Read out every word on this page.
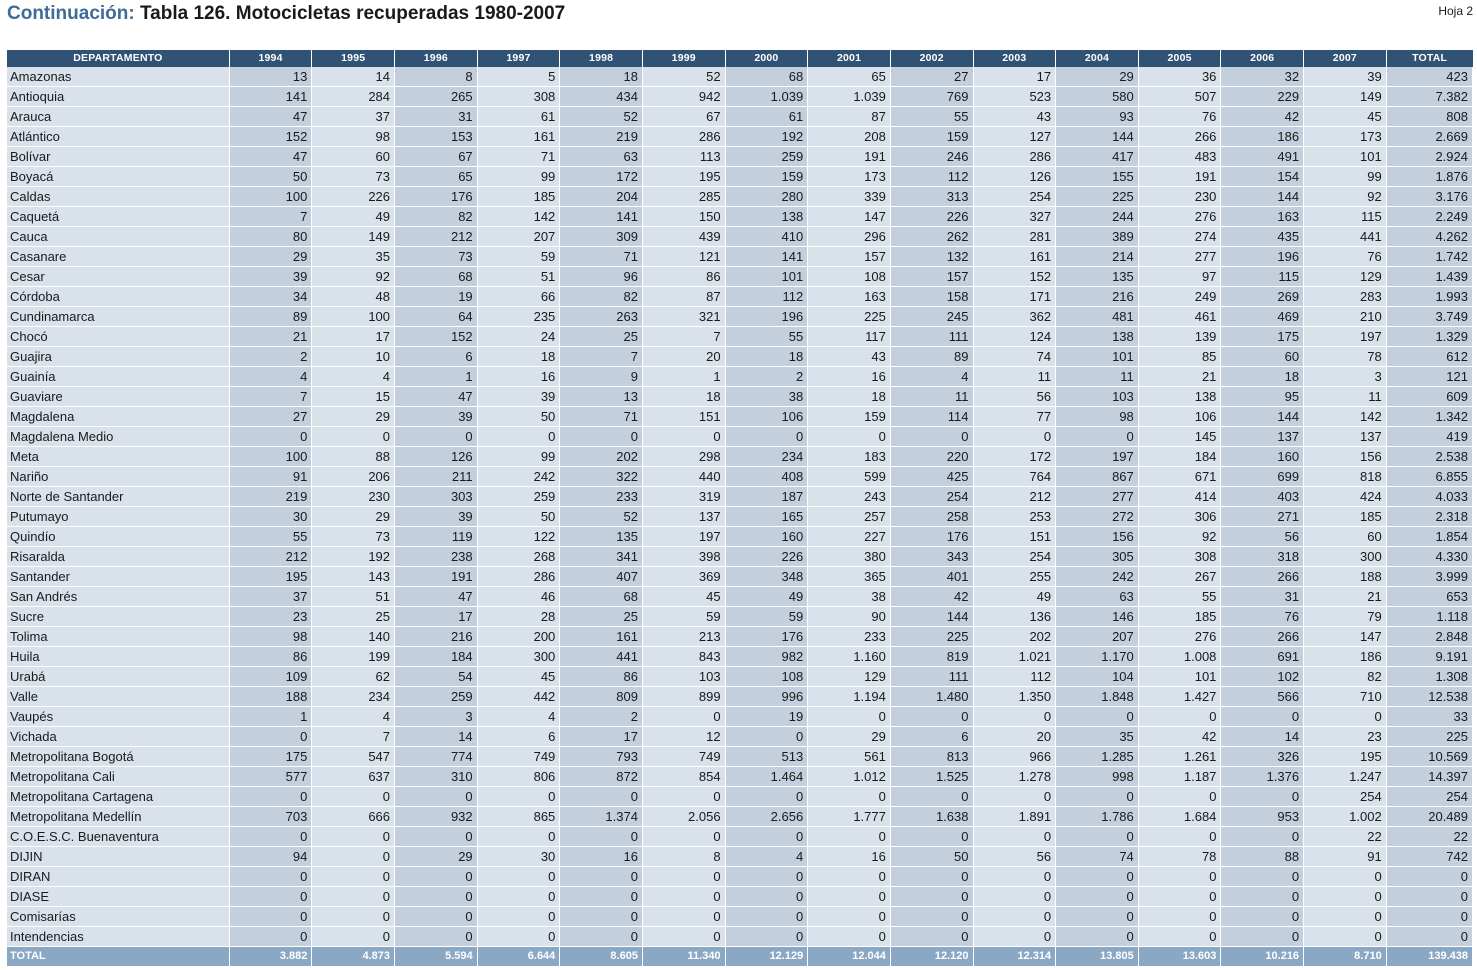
Continuación: Tabla 126. Motocicletas recuperadas 1980-2007	Hoja 2
DEPARTAMENTO	1994	1995	1996	1997	1998	1999	2000	2001	2002	2003	2004	2005	2006	2007	TOTAL
Amazonas	13	14	8	5	18	52	68	65	27	17	29	36	32	39	423
Antioquia	141	284	265	308	434	942	1.039	1.039	769	523	580	507	229	149	7.382
Arauca	47	37	31	61	52	67	61	87	55	43	93	76	42	45	808
Atlántico	152	98	153	161	219	286	192	208	159	127	144	266	186	173	2.669
Bolívar	47	60	67	71	63	113	259	191	246	286	417	483	491	101	2.924
Boyacá	50	73	65	99	172	195	159	173	112	126	155	191	154	99	1.876
Caldas	100	226	176	185	204	285	280	339	313	254	225	230	144	92	3.176
Caquetá	7	49	82	142	141	150	138	147	226	327	244	276	163	115	2.249
Cauca	80	149	212	207	309	439	410	296	262	281	389	274	435	441	4.262
Casanare	29	35	73	59	71	121	141	157	132	161	214	277	196	76	1.742
Cesar	39	92	68	51	96	86	101	108	157	152	135	97	115	129	1.439
Córdoba	34	48	19	66	82	87	112	163	158	171	216	249	269	283	1.993
Cundinamarca	89	100	64	235	263	321	196	225	245	362	481	461	469	210	3.749
Chocó	21	17	152	24	25	7	55	117	111	124	138	139	175	197	1.329
Guajira	2	10	6	18	7	20	18	43	89	74	101	85	60	78	612
Guainía	4	4	1	16	9	1	2	16	4	11	11	21	18	3	121
Guaviare	7	15	47	39	13	18	38	18	11	56	103	138	95	11	609
Magdalena	27	29	39	50	71	151	106	159	114	77	98	106	144	142	1.342
Magdalena Medio	0	0	0	0	0	0	0	0	0	0	0	145	137	137	419
Meta	100	88	126	99	202	298	234	183	220	172	197	184	160	156	2.538
Nariño	91	206	211	242	322	440	408	599	425	764	867	671	699	818	6.855
Norte de Santander	219	230	303	259	233	319	187	243	254	212	277	414	403	424	4.033
Putumayo	30	29	39	50	52	137	165	257	258	253	272	306	271	185	2.318
Quindío	55	73	119	122	135	197	160	227	176	151	156	92	56	60	1.854
Risaralda	212	192	238	268	341	398	226	380	343	254	305	308	318	300	4.330
Santander	195	143	191	286	407	369	348	365	401	255	242	267	266	188	3.999
San Andrés	37	51	47	46	68	45	49	38	42	49	63	55	31	21	653
Sucre	23	25	17	28	25	59	59	90	144	136	146	185	76	79	1.118
Tolima	98	140	216	200	161	213	176	233	225	202	207	276	266	147	2.848
Huila	86	199	184	300	441	843	982	1.160	819	1.021	1.170	1.008	691	186	9.191
Urabá	109	62	54	45	86	103	108	129	111	112	104	101	102	82	1.308
Valle	188	234	259	442	809	899	996	1.194	1.480	1.350	1.848	1.427	566	710	12.538
Vaupés	1	4	3	4	2	0	19	0	0	0	0	0	0	0	33
Vichada	0	7	14	6	17	12	0	29	6	20	35	42	14	23	225
Metropolitana Bogotá	175	547	774	749	793	749	513	561	813	966	1.285	1.261	326	195	10.569
Metropolitana Cali	577	637	310	806	872	854	1.464	1.012	1.525	1.278	998	1.187	1.376	1.247	14.397
Metropolitana Cartagena	0	0	0	0	0	0	0	0	0	0	0	0	0	254	254
Metropolitana Medellín	703	666	932	865	1.374	2.056	2.656	1.777	1.638	1.891	1.786	1.684	953	1.002	20.489
C.O.E.S.C. Buenaventura	0	0	0	0	0	0	0	0	0	0	0	0	0	22	22
DIJIN	94	0	29	30	16	8	4	16	50	56	74	78	88	91	742
DIRAN	0	0	0	0	0	0	0	0	0	0	0	0	0	0	0
DIASE	0	0	0	0	0	0	0	0	0	0	0	0	0	0	0
Comisarías	0	0	0	0	0	0	0	0	0	0	0	0	0	0	0
Intendencias	0	0	0	0	0	0	0	0	0	0	0	0	0	0	0
TOTAL	3.882	4.873	5.594	6.644	8.605	11.340	12.129	12.044	12.120	12.314	13.805	13.603	10.216	8.710	139.438
